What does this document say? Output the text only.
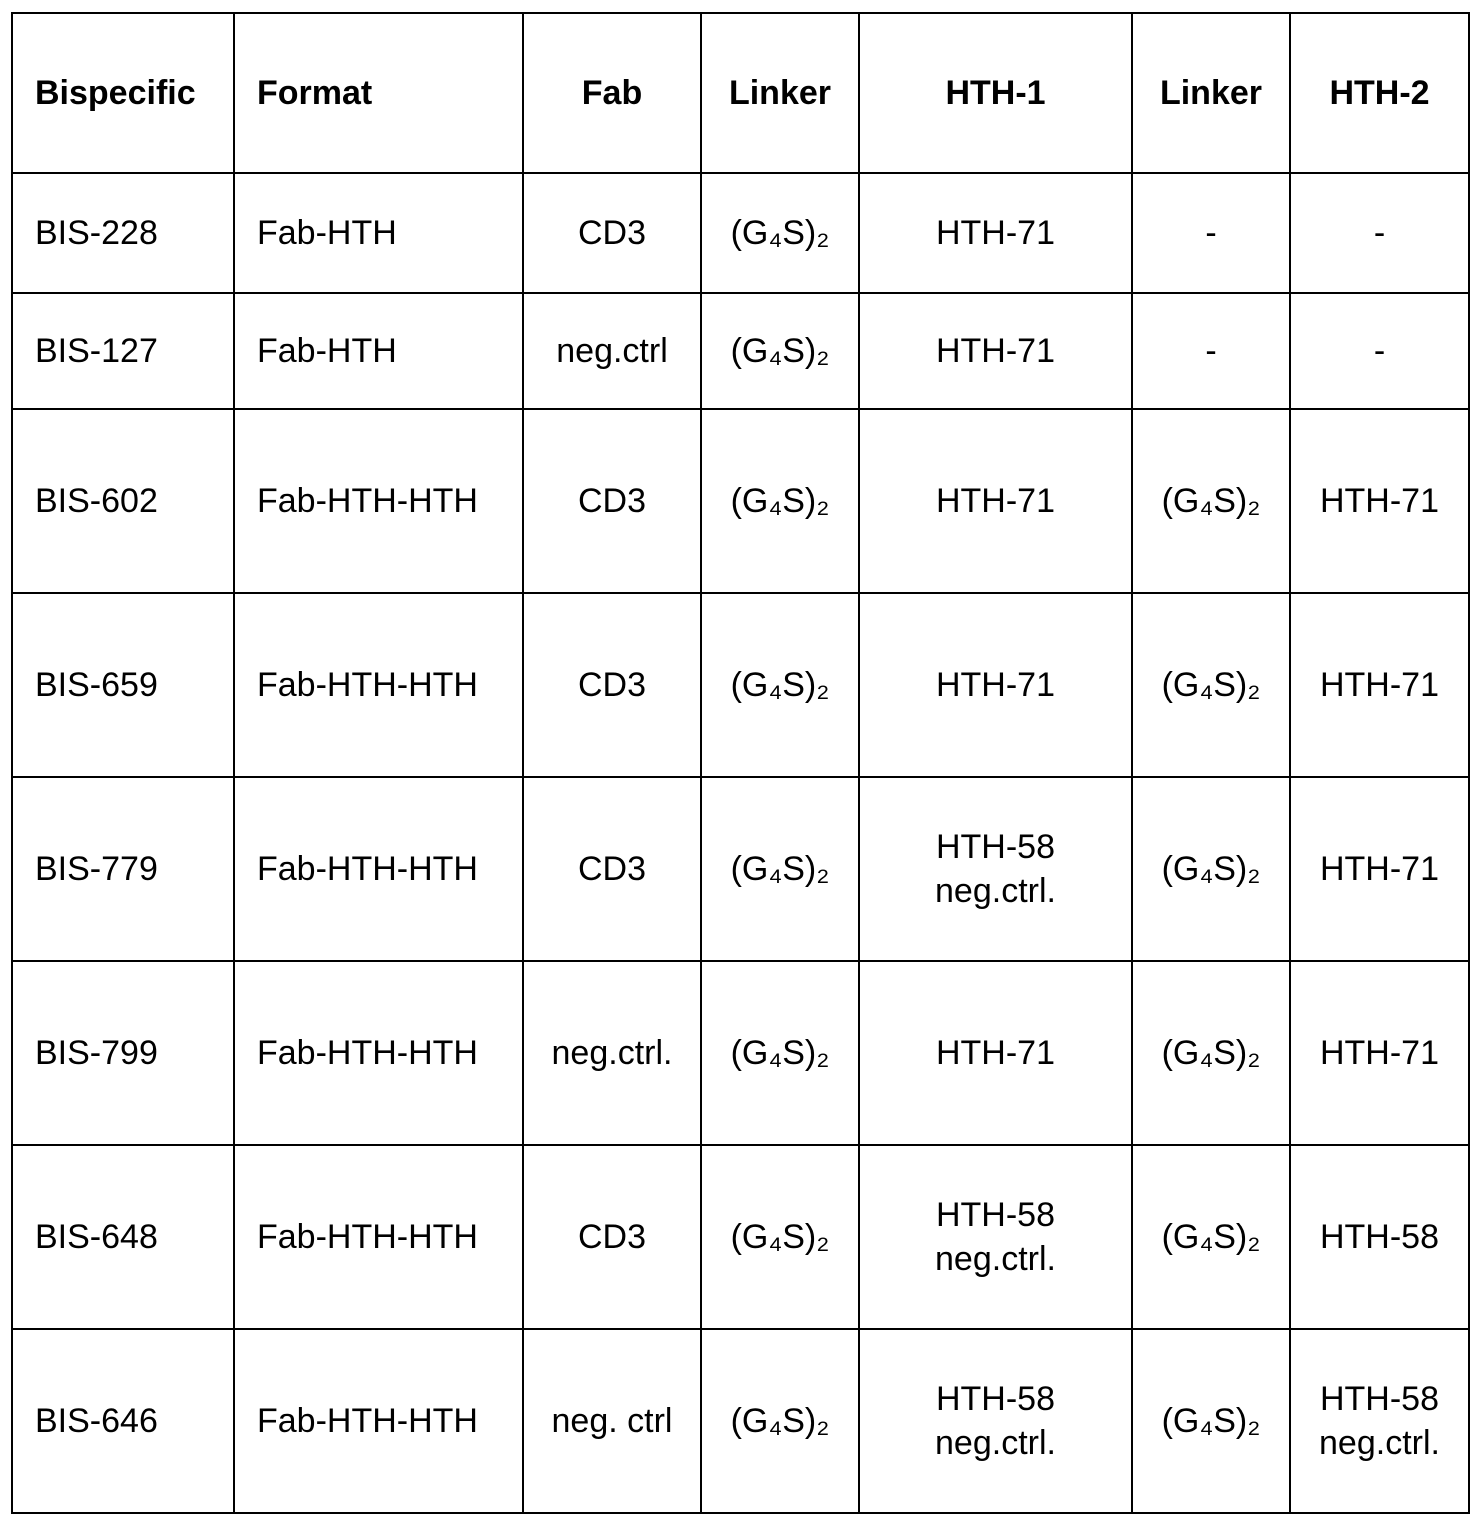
Bispecific	Format	Fab	Linker	HTH-1	Linker	HTH-2
BIS-228	Fab-HTH	CD3	(G₄S)₂	HTH-71	-	-
BIS-127	Fab-HTH	neg.ctrl	(G₄S)₂	HTH-71	-	-
BIS-602	Fab-HTH-HTH	CD3	(G₄S)₂	HTH-71	(G₄S)₂	HTH-71
BIS-659	Fab-HTH-HTH	CD3	(G₄S)₂	HTH-71	(G₄S)₂	HTH-71
BIS-779	Fab-HTH-HTH	CD3	(G₄S)₂	HTH-58
neg.ctrl.	(G₄S)₂	HTH-71
BIS-799	Fab-HTH-HTH	neg.ctrl.	(G₄S)₂	HTH-71	(G₄S)₂	HTH-71
BIS-648	Fab-HTH-HTH	CD3	(G₄S)₂	HTH-58
neg.ctrl.	(G₄S)₂	HTH-58
BIS-646	Fab-HTH-HTH	neg. ctrl	(G₄S)₂	HTH-58
neg.ctrl.	(G₄S)₂	HTH-58
neg.ctrl.
